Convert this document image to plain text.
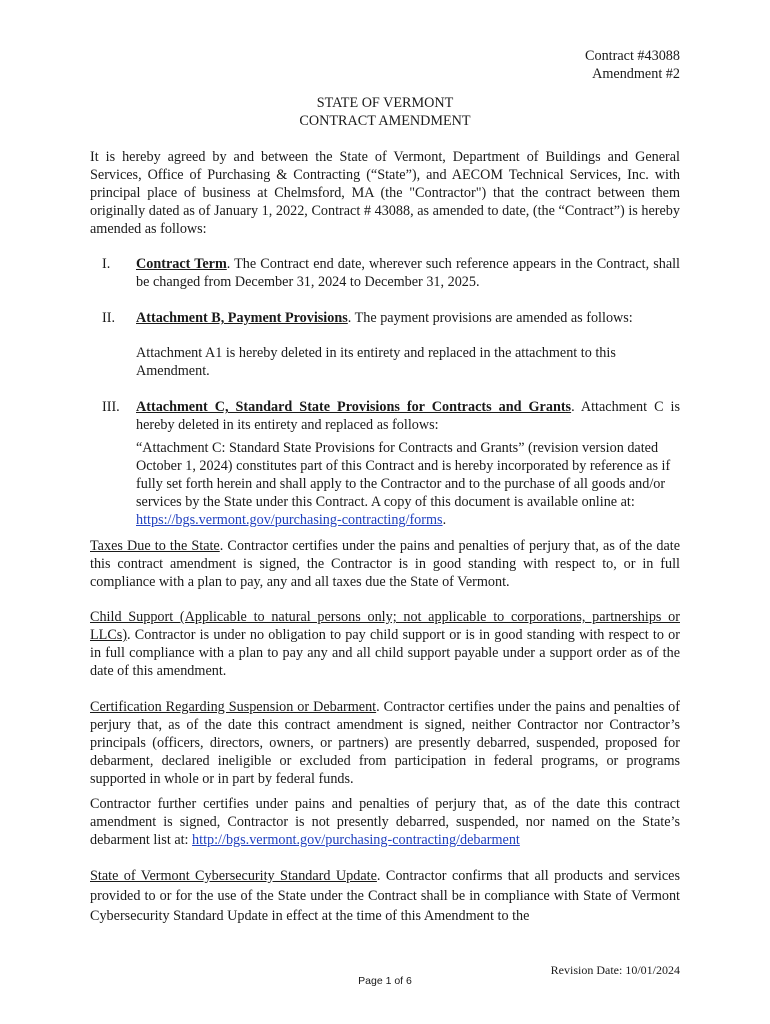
Contract #43088
Amendment #2
STATE OF VERMONT
CONTRACT AMENDMENT
It is hereby agreed by and between the State of Vermont, Department of Buildings and General Services, Office of Purchasing & Contracting (“State”), and AECOM Technical Services, Inc. with principal place of business at Chelmsford, MA (the "Contractor") that the contract between them originally dated as of January 1, 2022, Contract # 43088, as amended to date, (the “Contract”) is hereby amended as follows:
I. Contract Term. The Contract end date, wherever such reference appears in the Contract, shall be changed from December 31, 2024 to December 31, 2025.
II. Attachment B, Payment Provisions. The payment provisions are amended as follows:
Attachment A1 is hereby deleted in its entirety and replaced in the attachment to this Amendment.
III. Attachment C, Standard State Provisions for Contracts and Grants. Attachment C is hereby deleted in its entirety and replaced as follows:
“Attachment C: Standard State Provisions for Contracts and Grants” (revision version dated October 1, 2024) constitutes part of this Contract and is hereby incorporated by reference as if fully set forth herein and shall apply to the Contractor and to the purchase of all goods and/or services by the State under this Contract. A copy of this document is available online at: https://bgs.vermont.gov/purchasing-contracting/forms.
Taxes Due to the State. Contractor certifies under the pains and penalties of perjury that, as of the date this contract amendment is signed, the Contractor is in good standing with respect to, or in full compliance with a plan to pay, any and all taxes due the State of Vermont.
Child Support (Applicable to natural persons only; not applicable to corporations, partnerships or LLCs). Contractor is under no obligation to pay child support or is in good standing with respect to or in full compliance with a plan to pay any and all child support payable under a support order as of the date of this amendment.
Certification Regarding Suspension or Debarment. Contractor certifies under the pains and penalties of perjury that, as of the date this contract amendment is signed, neither Contractor nor Contractor’s principals (officers, directors, owners, or partners) are presently debarred, suspended, proposed for debarment, declared ineligible or excluded from participation in federal programs, or programs supported in whole or in part by federal funds.
Contractor further certifies under pains and penalties of perjury that, as of the date this contract amendment is signed, Contractor is not presently debarred, suspended, nor named on the State’s debarment list at: http://bgs.vermont.gov/purchasing-contracting/debarment
State of Vermont Cybersecurity Standard Update. Contractor confirms that all products and services provided to or for the use of the State under the Contract shall be in compliance with State of Vermont Cybersecurity Standard Update in effect at the time of this Amendment to the
Revision Date: 10/01/2024
Page 1 of 6
